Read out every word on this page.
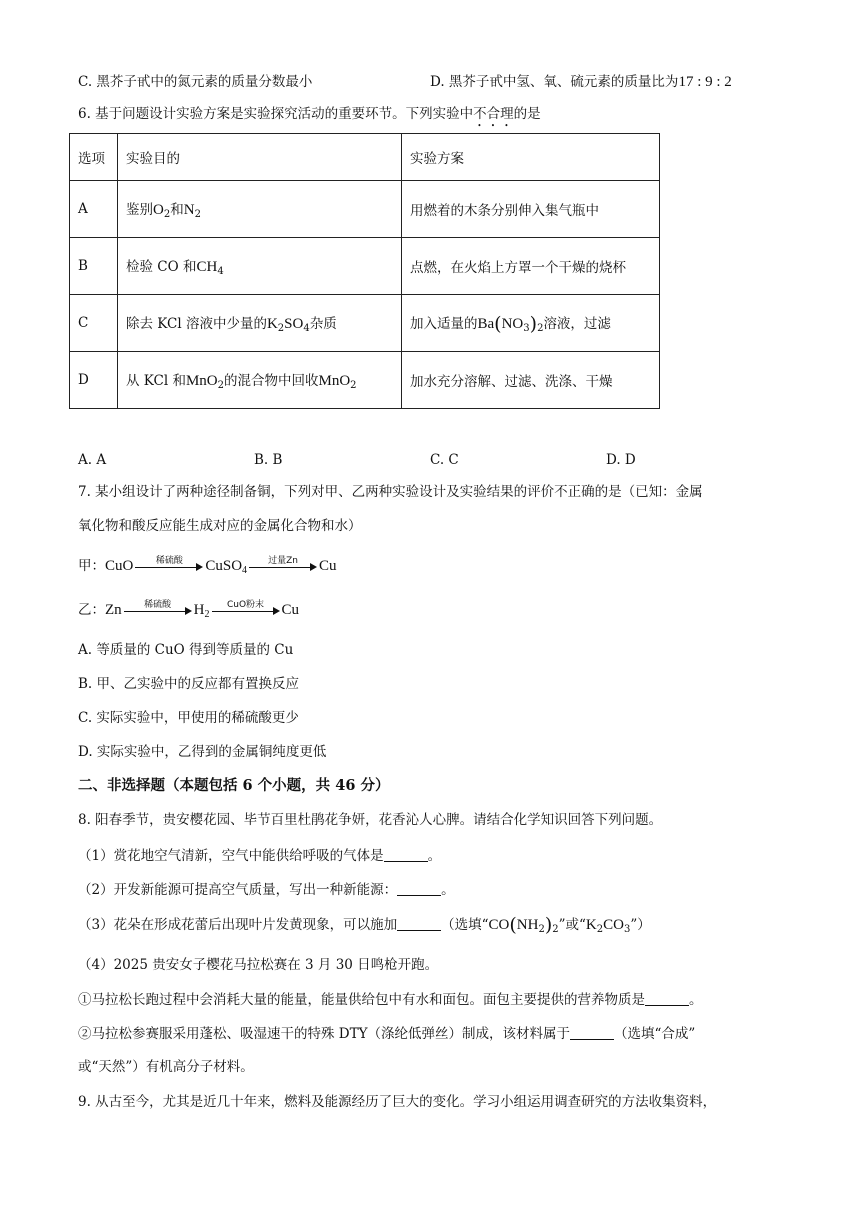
C. 黑芥子甙中的氮元素的质量分数最小	D. 黑芥子甙中氢、氧、硫元素的质量比为17 : 9 : 2
6. 基于问题设计实验方案是实验探究活动的重要环节。下列实验中不合理的是
选项	实验目的	实验方案
A	鉴别$O_2$和$N_2$	用燃着的木条分别伸入集气瓶中
B	检验 CO 和$CH_4$	点燃，在火焰上方罩一个干燥的烧杯
C	除去 KCl 溶液中少量的$K_2SO_4$杂质	加入适量的$Ba(NO_3)_2$溶液，过滤
D	从 KCl 和MnO$_2$的混合物中回收MnO$_2$	加水充分溶解、过滤、洗涤、干燥
A. A	B. B	C. C	D. D
7. 某小组设计了两种途径制备铜，下列对甲、乙两种实验设计及实验结果的评价不正确的是（已知：金属
氧化物和酸反应能生成对应的金属化合物和水）
甲：CuO	稀硫酸	CuSO$_4$
过量Zn	Cu
乙：Zn	稀硫酸	$H_2$
CuO粉末	Cu
A. 等质量的 CuO 得到等质量的 Cu
B. 甲、乙实验中的反应都有置换反应
C. 实际实验中，甲使用的稀硫酸更少
D. 实际实验中，乙得到的金属铜纯度更低
二、非选择题（本题包括 6 个小题，共 46 分）
8. 阳春季节，贵安樱花园、毕节百里杜鹃花争妍，花香沁人心脾。请结合化学知识回答下列问题。
（1）赏花地空气清新，空气中能供给呼吸的气体是	。
（2）开发新能源可提高空气质量，写出一种新能源：	。
（3）花朵在形成花蕾后出现叶片发黄现象，可以施加	（选填“$CO(NH_2)_2$”或“$K_2CO_3$”）
（4）2025 贵安女子樱花马拉松赛在 3 月 30 日鸣枪开跑。
①马拉松长跑过程中会消耗大量的能量，能量供给包中有水和面包。面包主要提供的营养物质是	。
②马拉松参赛服采用蓬松、吸湿速干的特殊 DTY（涤纶低弹丝）制成，该材料属于	（选填“合成”
或“天然”）有机高分子材料。
9. 从古至今，尤其是近几十年来，燃料及能源经历了巨大的变化。学习小组运用调查研究的方法收集资料，
